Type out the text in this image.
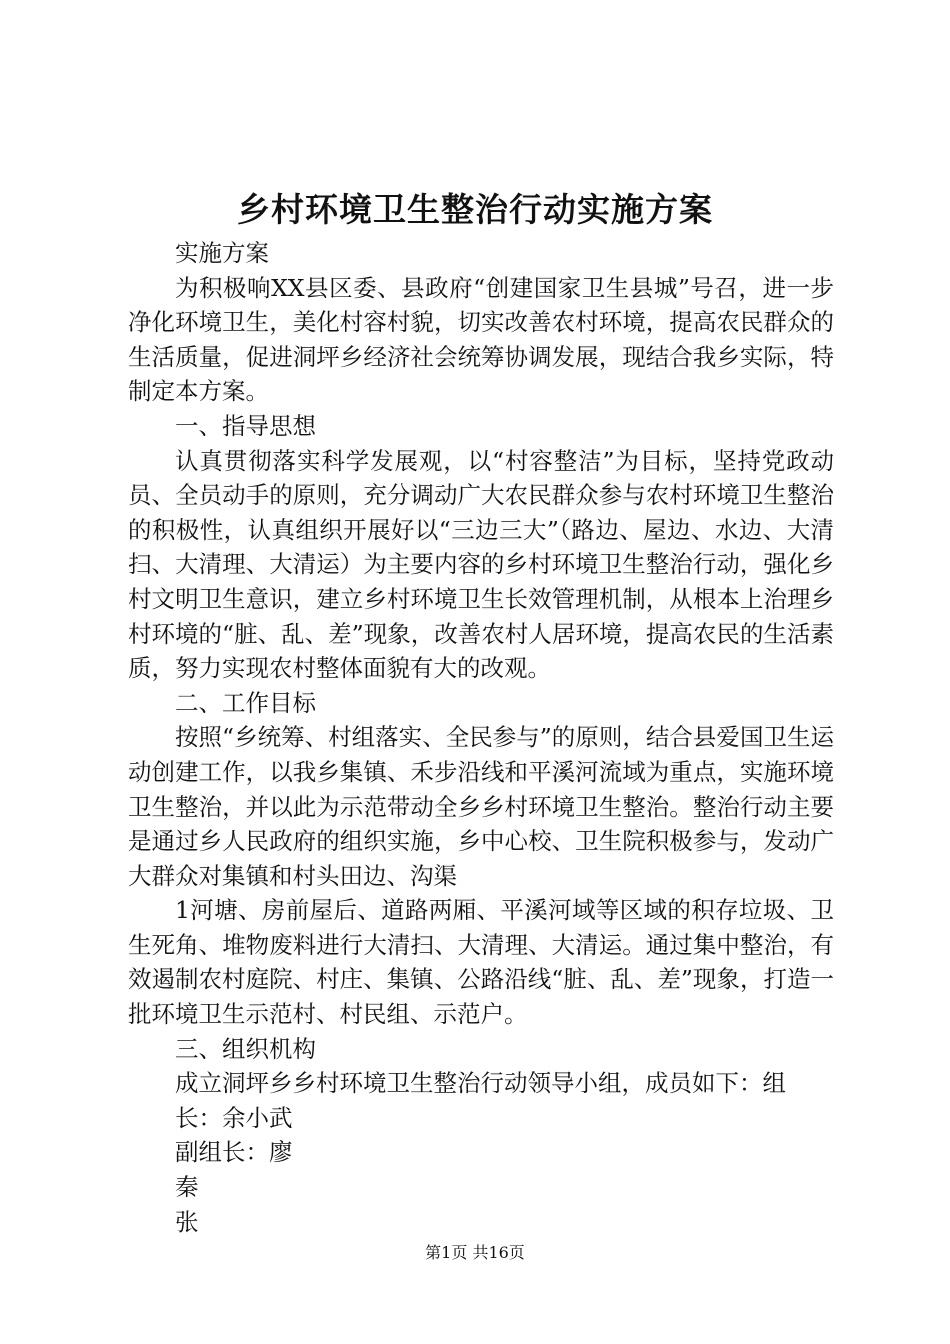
乡村环境卫生整治行动实施方案

实施方案

为积极响XX县区委、县政府“创建国家卫生县城”号召，进一步净化环境卫生，美化村容村貌，切实改善农村环境，提高农民群众的生活质量，促进洞坪乡经济社会统筹协调发展，现结合我乡实际，特制定本方案。

一、指导思想

认真贯彻落实科学发展观，以“村容整洁”为目标，坚持党政动员、全员动手的原则，充分调动广大农民群众参与农村环境卫生整治的积极性，认真组织开展好以“三边三大”（路边、屋边、水边、大清扫、大清理、大清运）为主要内容的乡村环境卫生整治行动，强化乡村文明卫生意识，建立乡村环境卫生长效管理机制，从根本上治理乡村环境的“脏、乱、差”现象，改善农村人居环境，提高农民的生活素质，努力实现农村整体面貌有大的改观。

二、工作目标

按照“乡统筹、村组落实、全民参与”的原则，结合县爱国卫生运动创建工作，以我乡集镇、禾步沿线和平溪河流域为重点，实施环境卫生整治，并以此为示范带动全乡乡村环境卫生整治。整治行动主要是通过乡人民政府的组织实施，乡中心校、卫生院积极参与，发动广大群众对集镇和村头田边、沟渠

1河塘、房前屋后、道路两厢、平溪河域等区域的积存垃圾、卫生死角、堆物废料进行大清扫、大清理、大清运。通过集中整治，有效遏制农村庭院、村庄、集镇、公路沿线“脏、乱、差”现象，打造一批环境卫生示范村、村民组、示范户。

三、组织机构

成立洞坪乡乡村环境卫生整治行动领导小组，成员如下：组

长：余小武

副组长：廖

秦

张

第1页 共16页
